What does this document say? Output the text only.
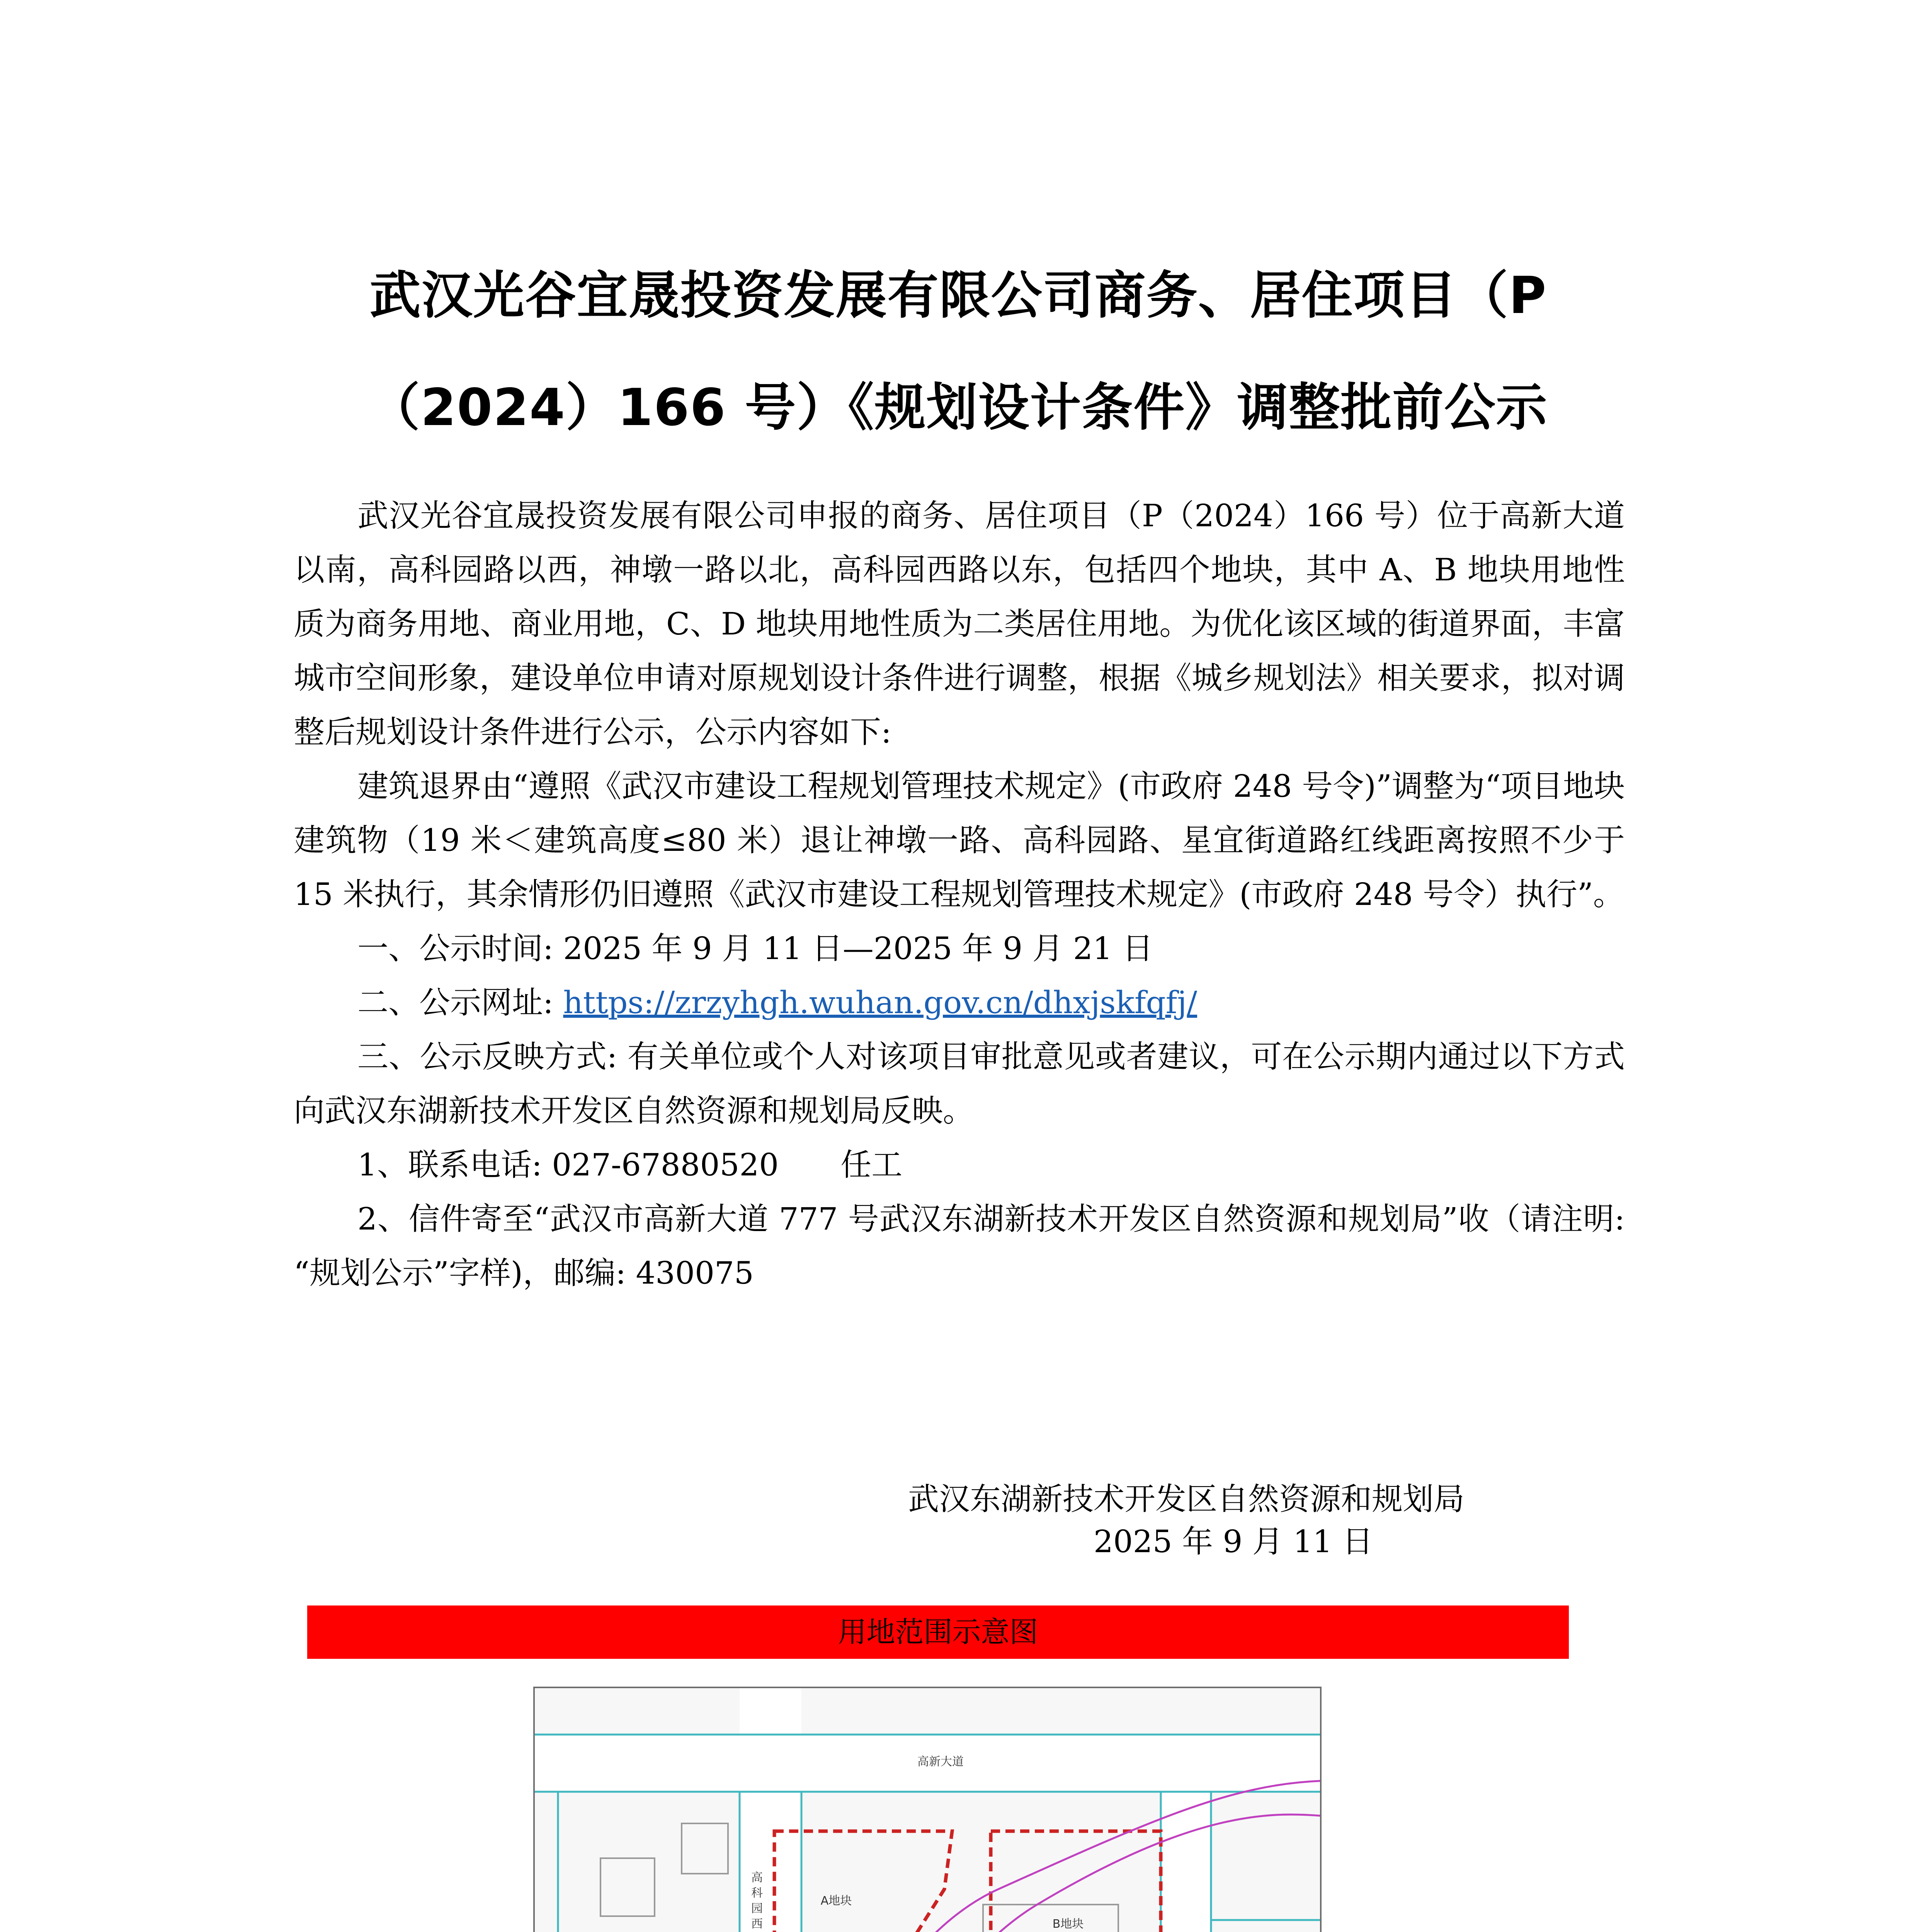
武汉光谷宜晟投资发展有限公司商务、居住项目（P
（2024）166 号）《规划设计条件》调整批前公示

武汉光谷宜晟投资发展有限公司申报的商务、居住项目（P（2024）166 号）位于高新大道以南，高科园路以西，神墩一路以北，高科园西路以东，包括四个地块，其中 A、B 地块用地性质为商务用地、商业用地，C、D 地块用地性质为二类居住用地。为优化该区域的街道界面，丰富城市空间形象，建设单位申请对原规划设计条件进行调整，根据《城乡规划法》相关要求，拟对调整后规划设计条件进行公示，公示内容如下:

建筑退界由“遵照《武汉市建设工程规划管理技术规定》(市政府 248 号令)”调整为“项目地块建筑物（19 米＜建筑高度≤80 米）退让神墩一路、高科园路、星宜街道路红线距离按照不少于 15 米执行，其余情形仍旧遵照《武汉市建设工程规划管理技术规定》(市政府 248 号令）执行”。

一、公示时间: 2025 年 9 月 11 日—2025 年 9 月 21 日

二、公示网址: https://zrzyhgh.wuhan.gov.cn/dhxjskfqfj/

三、公示反映方式: 有关单位或个人对该项目审批意见或者建议，可在公示期内通过以下方式向武汉东湖新技术开发区自然资源和规划局反映。

1、联系电话: 027-67880520　　任工

2、信件寄至“武汉市高新大道 777 号武汉东湖新技术开发区自然资源和规划局”收（请注明: “规划公示”字样)，邮编: 430075

武汉东湖新技术开发区自然资源和规划局
2025 年 9 月 11 日
用地范围示意图
高新大道
高
科
园
西
A地块
B地块
